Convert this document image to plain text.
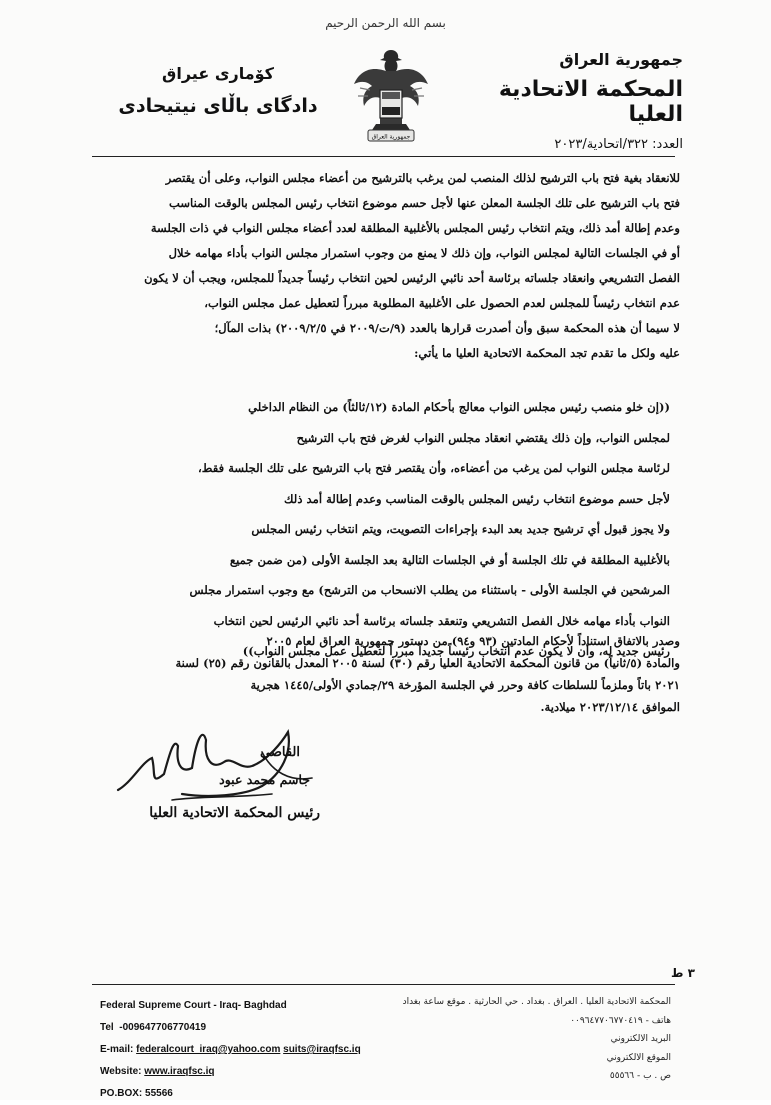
بسم الله الرحمن الرحيم
جمهورية العراق
المحكمة الاتحادية العليا
العدد: ٣٢٢/اتحادية/٢٠٢٣
جمهورية العراق
كۆمارى عيراق
دادگاى باڵاى نيتيحادى

للانعقاد بغية فتح باب الترشيح لذلك المنصب لمن يرغب بالترشيح من أعضاء مجلس النواب، وعلى أن يقتصر

فتح باب الترشيح على تلك الجلسة المعلن عنها لأجل حسم موضوع انتخاب رئيس المجلس بالوقت المناسب

وعدم إطالة أمد ذلك، ويتم انتخاب رئيس المجلس بالأغلبية المطلقة لعدد أعضاء مجلس النواب في ذات الجلسة

أو في الجلسات التالية لمجلس النواب، وإن ذلك لا يمنع من وجوب استمرار مجلس النواب بأداء مهامه خلال

الفصل التشريعي وانعقاد جلساته برئاسة أحد نائبي الرئيس لحين انتخاب رئيساً جديداً للمجلس، ويجب أن لا يكون

عدم انتخاب رئيساً للمجلس لعدم الحصول على الأغلبية المطلوبة مبرراً لتعطيل عمل مجلس النواب،

لا سيما أن هذه المحكمة سبق وأن أصدرت قرارها بالعدد (٩/ت/٢٠٠٩ في ٢٠٠٩/٢/٥) بذات المآل؛

عليه ولكل ما تقدم تجد المحكمة الاتحادية العليا ما يأتي:

((إن خلو منصب رئيس مجلس النواب معالج بأحكام المادة (١٢/ثالثاً) من النظام الداخلي
لمجلس النواب، وإن ذلك يقتضي انعقاد مجلس النواب لغرض فتح باب الترشيح
لرئاسة مجلس النواب لمن يرغب من أعضاءه، وأن يقتصر فتح باب الترشيح على تلك الجلسة فقط،
لأجل حسم موضوع انتخاب رئيس المجلس بالوقت المناسب وعدم إطالة أمد ذلك
ولا يجوز قبول أي ترشيح جديد بعد البدء بإجراءات التصويت، ويتم انتخاب رئيس المجلس
بالأغلبية المطلقة في تلك الجلسة أو في الجلسات التالية بعد الجلسة الأولى (من ضمن جميع
المرشحين في الجلسة الأولى - باستثناء من يطلب الانسحاب من الترشح) مع وجوب استمرار مجلس
النواب بأداء مهامه خلال الفصل التشريعي وتنعقد جلساته برئاسة أحد نائبي الرئيس لحين انتخاب
رئيس جديد له، وأن لا يكون عدم انتخاب رئيساً جديداً مبرراً لتعطيل عمل مجلس النواب))

وصدر بالاتفاق استناداً لأحكام المادتين (٩٣ و٩٤) من دستور جمهورية العراق لعام ٢٠٠٥

والمادة (٥/ثانياً) من قانون المحكمة الاتحادية العليا رقم (٣٠) لسنة ٢٠٠٥ المعدل بالقانون رقم (٢٥) لسنة

٢٠٢١ باتاً وملزماً للسلطات كافة وحرر في الجلسة المؤرخة ٢٩/جمادي الأولى/١٤٤٥ هجرية

الموافق ٢٠٢٣/١٢/١٤ ميلادية.

القاضي
جاسم محمد عبود
رئيس المحكمة الاتحادية العليا
٣ ط
Federal Supreme Court - Iraq- Baghdad
Tel -009647706770419
E-mail: federalcourt_iraq@yahoo.com suits@iraqfsc.iq
Website: www.iraqfsc.iq
PO.BOX: 55566
المحكمة الاتحادية العليا . العراق . بغداد . حي الحارثية . موقع ساعة بغداد
هاتف - ٠٠٩٦٤٧٧٠٦٧٧٠٤١٩
البريد الالكتروني
الموقع الالكتروني
ص . ب - ٥٥٥٦٦
